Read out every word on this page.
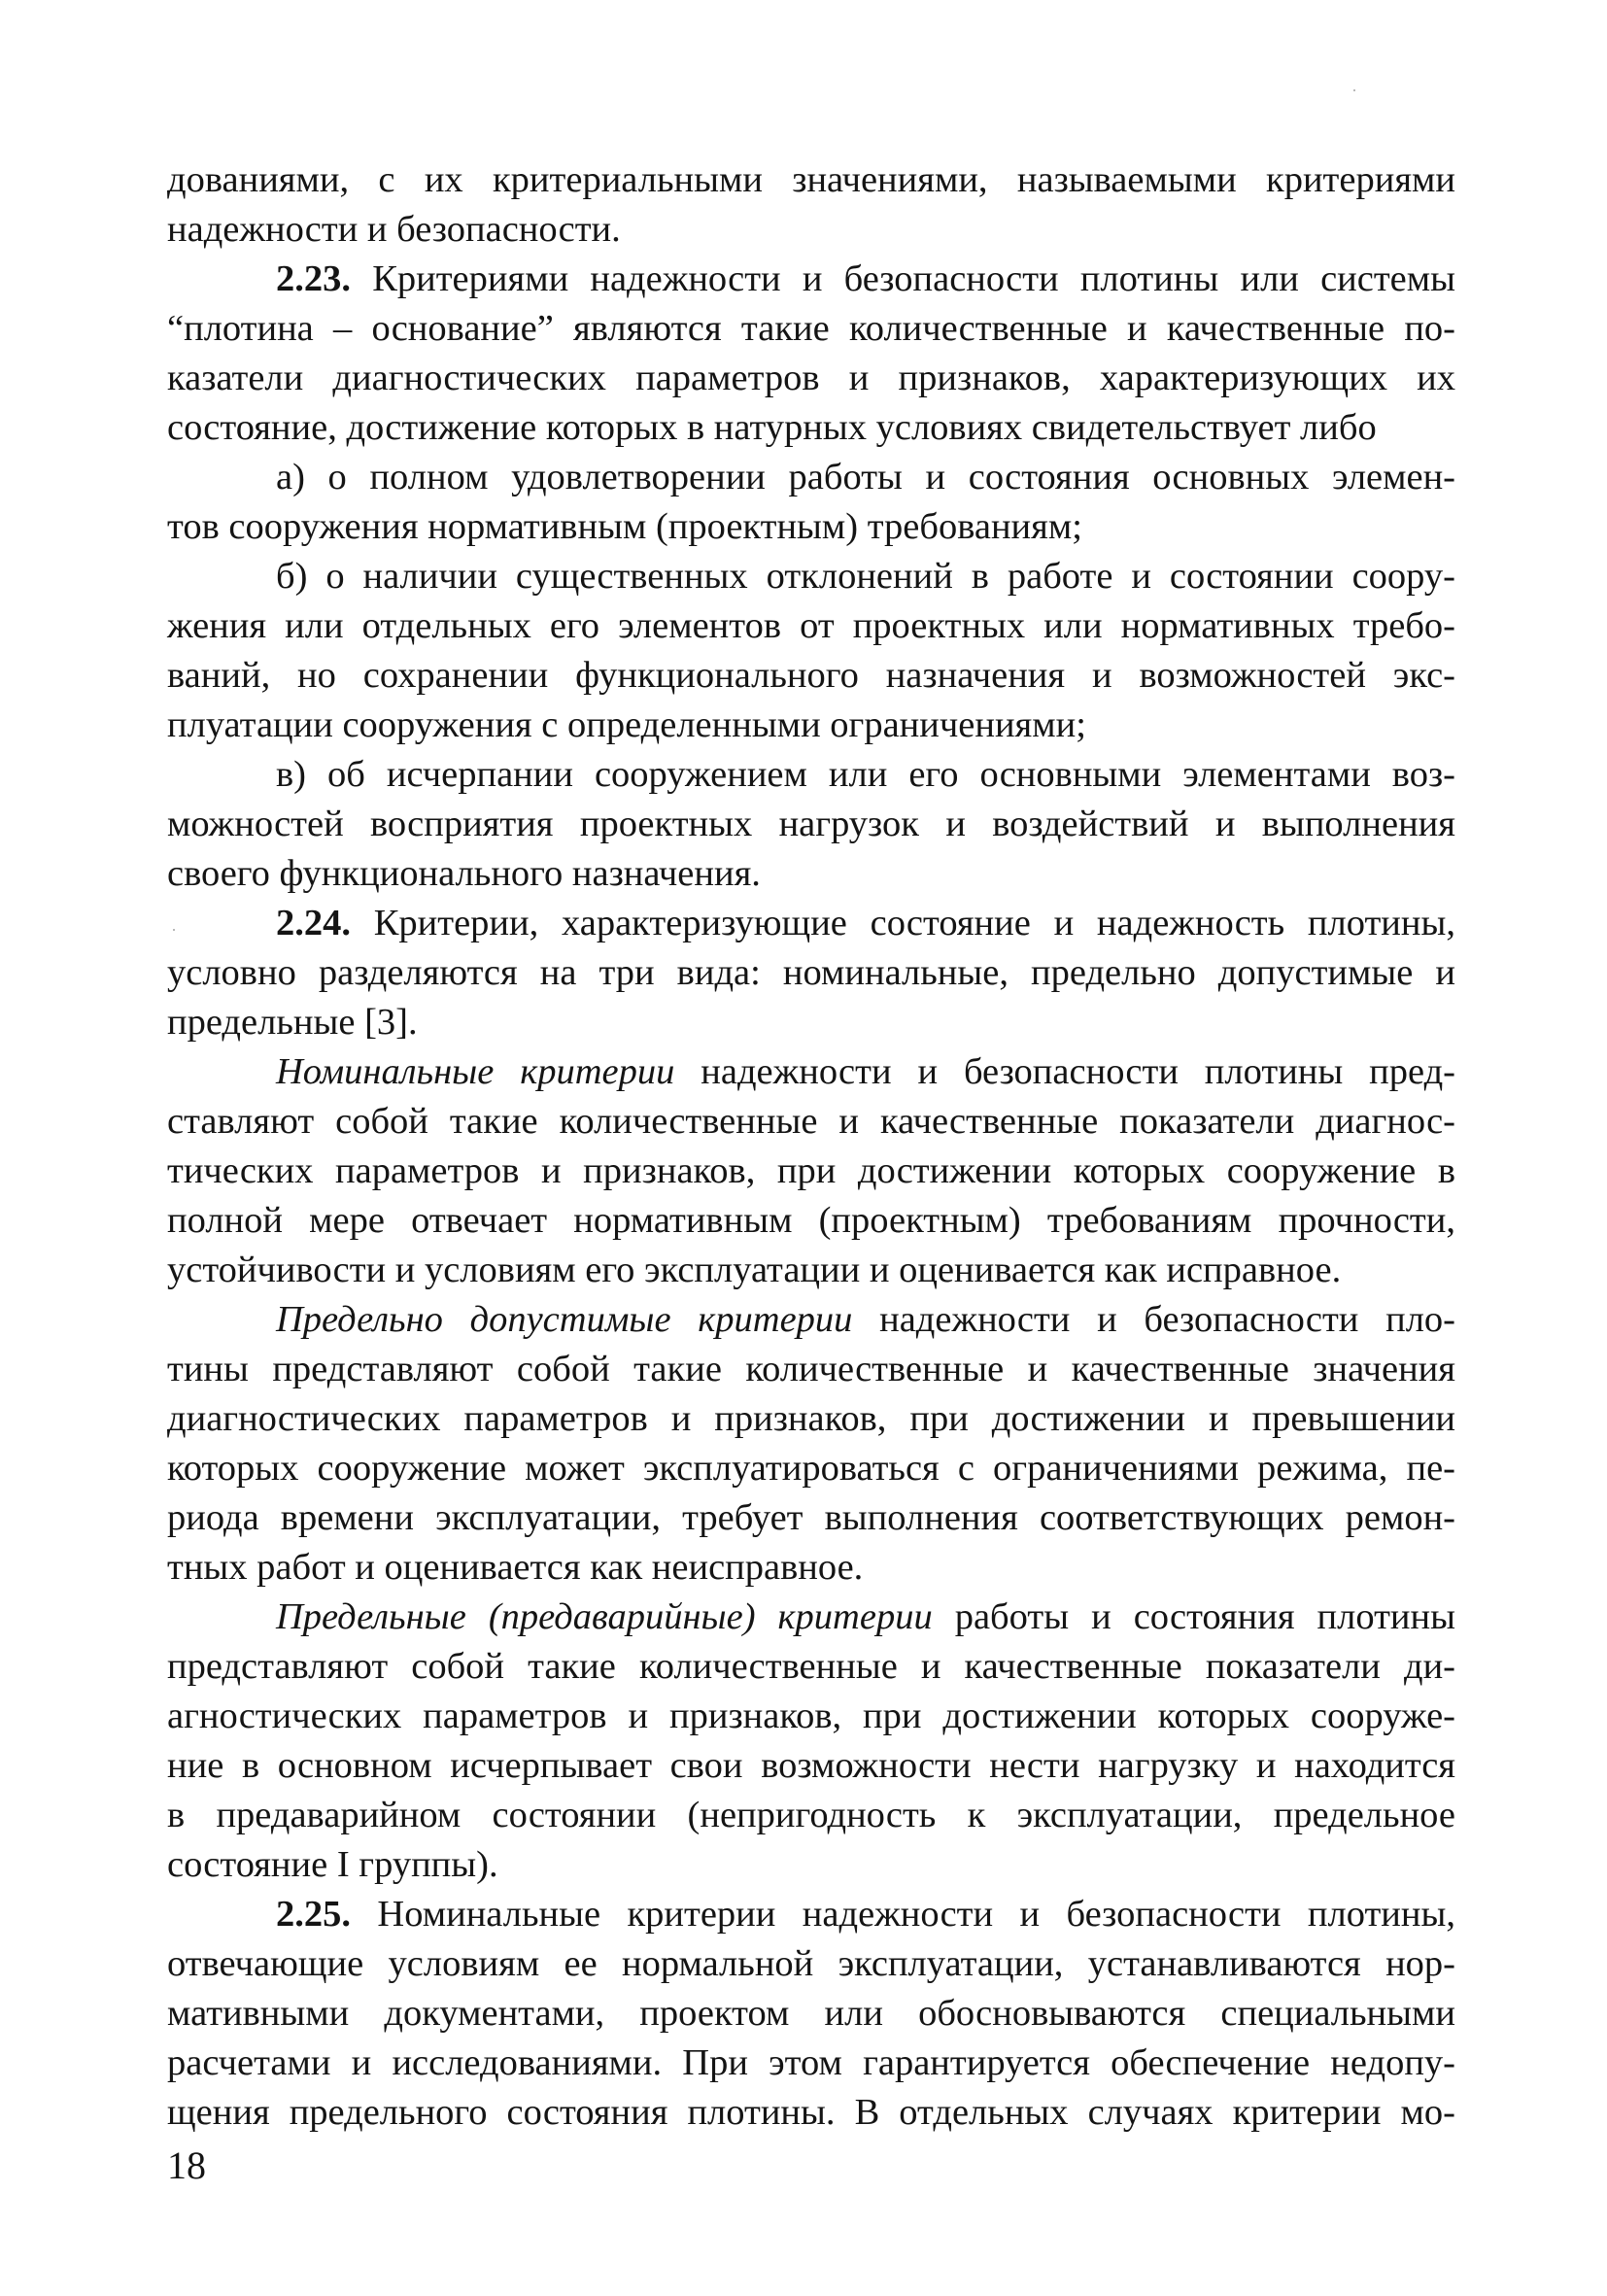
дованиями, с их критериальными значениями, называемыми критериями
надежности и безопасности.
2.23. Критериями надежности и безопасности плотины или системы
“плотина – основание” являются такие количественные и качественные по-
казатели диагностических параметров и признаков, характеризующих их
состояние, достижение которых в натурных условиях свидетельствует либо
а) о полном удовлетворении работы и состояния основных элемен-
тов сооружения нормативным (проектным) требованиям;
б) о наличии существенных отклонений в работе и состоянии соору-
жения или отдельных его элементов от проектных или нормативных требо-
ваний, но сохранении функционального назначения и возможностей экс-
плуатации сооружения с определенными ограничениями;
в) об исчерпании сооружением или его основными элементами воз-
можностей восприятия проектных нагрузок и воздействий и выполнения
своего функционального назначения.
2.24. Критерии, характеризующие состояние и надежность плотины,
условно разделяются на три вида: номинальные, предельно допустимые и
предельные [3].
Номинальные критерии надежности и безопасности плотины пред-
ставляют собой такие количественные и качественные показатели диагнос-
тических параметров и признаков, при достижении которых сооружение в
полной мере отвечает нормативным (проектным) требованиям прочности,
устойчивости и условиям его эксплуатации и оценивается как исправное.
Предельно допустимые критерии надежности и безопасности пло-
тины представляют собой такие количественные и качественные значения
диагностических параметров и признаков, при достижении и превышении
которых сооружение может эксплуатироваться с ограничениями режима, пе-
риода времени эксплуатации, требует выполнения соответствующих ремон-
тных работ и оценивается как неисправное.
Предельные (предаварийные) критерии работы и состояния плотины
представляют собой такие количественные и качественные показатели ди-
агностических параметров и признаков, при достижении которых сооруже-
ние в основном исчерпывает свои возможности нести нагрузку и находится
в предаварийном состоянии (непригодность к эксплуатации, предельное
состояние I группы).
2.25. Номинальные критерии надежности и безопасности плотины,
отвечающие условиям ее нормальной эксплуатации, устанавливаются нор-
мативными документами, проектом или обосновываются специальными
расчетами и исследованиями. При этом гарантируется обеспечение недопу-
щения предельного состояния плотины. В отдельных случаях критерии мо-
18
